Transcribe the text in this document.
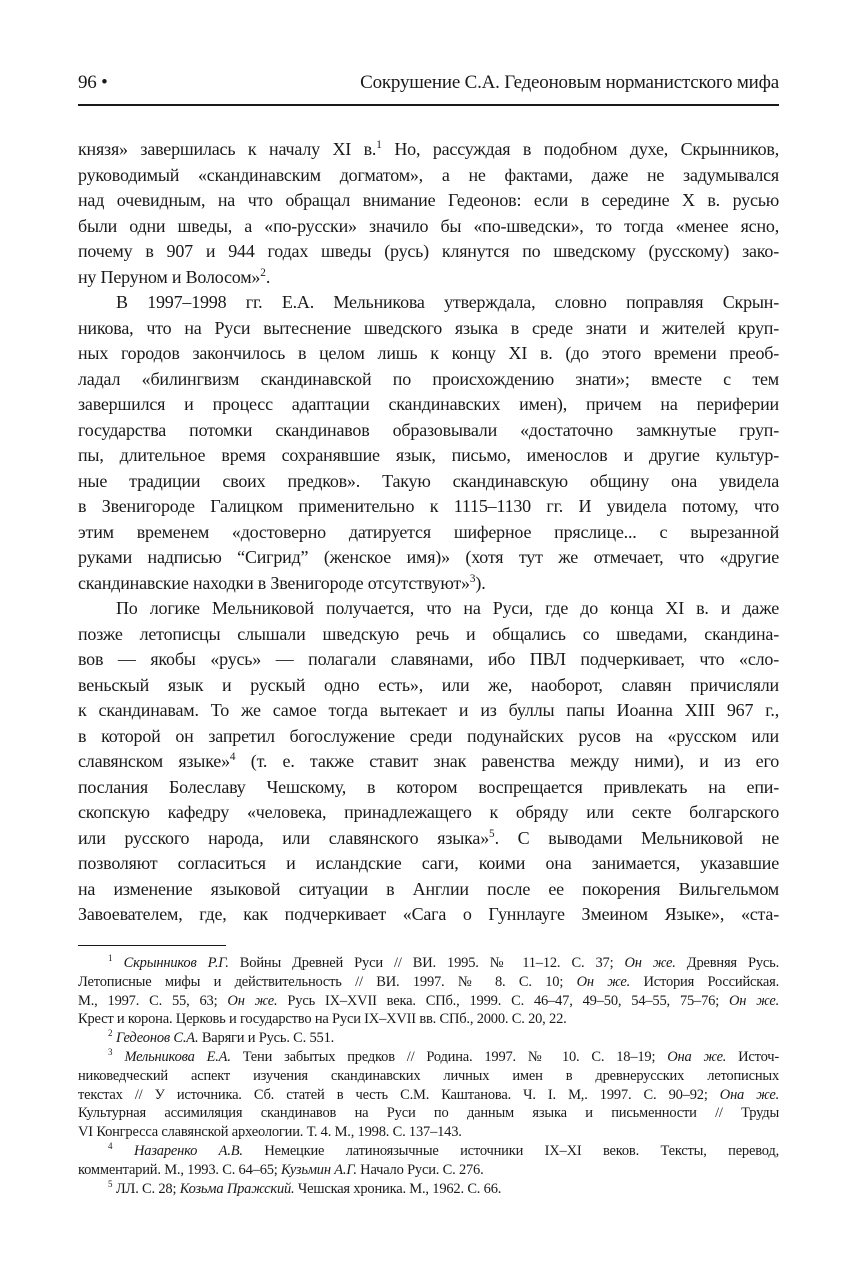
96 •	Сокрушение С.А. Гедеоновым норманистского мифа
князя» завершилась к началу XI в.$^1$ Но, рассуждая в подобном духе, Скрынников,
руководимый «скандинавским догматом», а не фактами, даже не задумывался
над очевидным, на что обращал внимание Гедеонов: если в середине X в. русью
были одни шведы, а «по-русски» значило бы «по-шведски», то тогда «менее ясно,
почему в 907 и 944 годах шведы (русь) клянутся по шведскому (русскому) зако-
ну Перуном и Волосом»$^2$.
В 1997–1998 гг. Е.А. Мельникова утверждала, словно поправляя Скрын-
никова, что на Руси вытеснение шведского языка в среде знати и жителей круп-
ных городов закончилось в целом лишь к концу XI в. (до этого времени преоб-
ладал «билингвизм скандинавской по происхождению знати»; вместе с тем
завершился и процесс адаптации скандинавских имен), причем на периферии
государства потомки скандинавов образовывали «достаточно замкнутые груп-
пы, длительное время сохранявшие язык, письмо, именослов и другие культур-
ные традиции своих предков». Такую скандинавскую общину она увидела
в Звенигороде Галицком применительно к 1115–1130 гг. И увидела потому, что
этим временем «достоверно датируется шиферное пряслице... с вырезанной
руками надписью “Сигрид” (женское имя)» (хотя тут же отмечает, что «другие
скандинавские находки в Звенигороде отсутствуют»$^3$).
По логике Мельниковой получается, что на Руси, где до конца XI в. и даже
позже летописцы слышали шведскую речь и общались со шведами, скандина-
вов — якобы «русь» — полагали славянами, ибо ПВЛ подчеркивает, что «сло-
веньскый язык и рускый одно есть», или же, наоборот, славян причисляли
к скандинавам. То же самое тогда вытекает и из буллы папы Иоанна XIII 967 г.,
в которой он запретил богослужение среди подунайских русов на «русском или
славянском языке»$^4$ (т. е. также ставит знак равенства между ними), и из его
послания Болеславу Чешскому, в котором воспрещается привлекать на епи-
скопскую кафедру «человека, принадлежащего к обряду или секте болгарского
или русского народа, или славянского языка»$^5$. С выводами Мельниковой не
позволяют согласиться и исландские саги, коими она занимается, указавшие
на изменение языковой ситуации в Англии после ее покорения Вильгельмом
Завоевателем, где, как подчеркивает «Сага о Гуннлауге Змеином Языке», «ста-
$^1$ Скрынников Р.Г. Войны Древней Руси // ВИ. 1995. № 11–12. С. 37; Он же. Древняя Русь.
Летописные мифы и действительность // ВИ. 1997. № 8. С. 10; Он же. История Российская.
М., 1997. С. 55, 63; Он же. Русь IX–XVII века. СПб., 1999. С. 46–47, 49–50, 54–55, 75–76; Он же.
Крест и корона. Церковь и государство на Руси IX–XVII вв. СПб., 2000. С. 20, 22.
$^2$ Гедеонов С.А. Варяги и Русь. С. 551.
$^3$ Мельникова Е.А. Тени забытых предков // Родина. 1997. № 10. С. 18–19; Она же. Источ-
никоведческий аспект изучения скандинавских личных имен в древнерусских летописных
текстах // У источника. Сб. статей в честь С.М. Каштанова. Ч. I. М,. 1997. С. 90–92; Она же.
Культурная ассимиляция скандинавов на Руси по данным языка и письменности // Труды
VI Конгресса славянской археологии. Т. 4. М., 1998. С. 137–143.
$^4$ Назаренко А.В. Немецкие латиноязычные источники IX–XI веков. Тексты, перевод,
комментарий. М., 1993. С. 64–65; Кузьмин А.Г. Начало Руси. С. 276.
$^5$ ЛЛ. С. 28; Козьма Пражский. Чешская хроника. М., 1962. С. 66.
